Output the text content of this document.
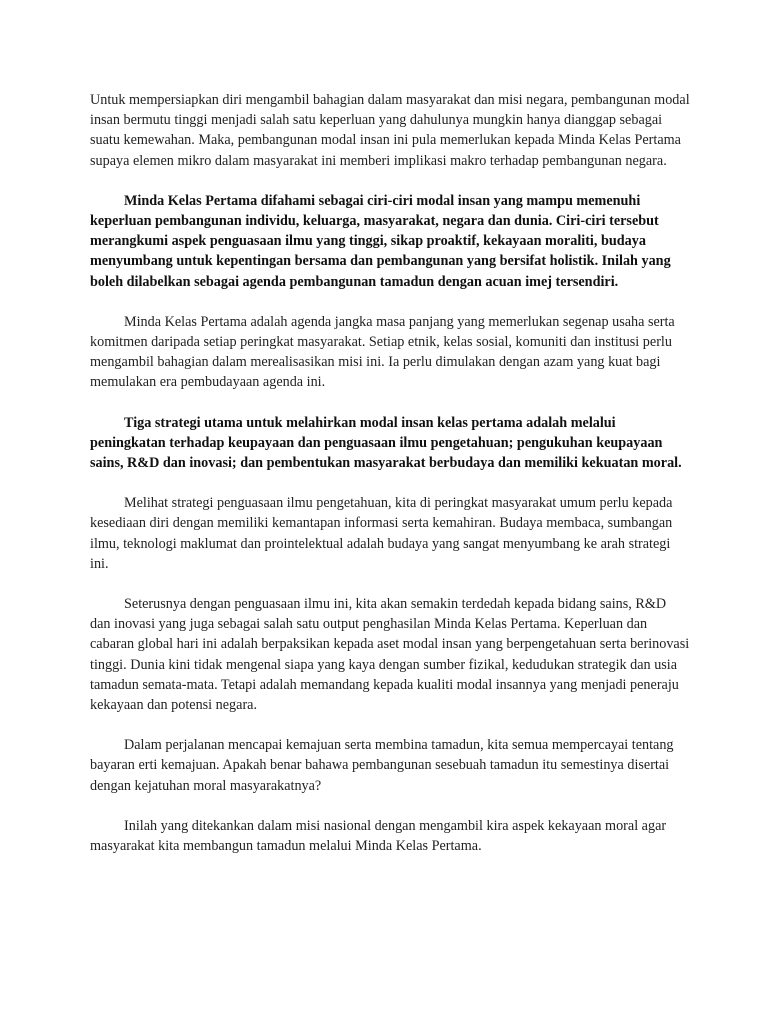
Untuk mempersiapkan diri mengambil bahagian dalam masyarakat dan misi negara, pembangunan modal insan bermutu tinggi menjadi salah satu keperluan yang dahulunya mungkin hanya dianggap sebagai suatu kemewahan. Maka, pembangunan modal insan ini pula memerlukan kepada Minda Kelas Pertama supaya elemen mikro dalam masyarakat ini memberi implikasi makro terhadap pembangunan negara.

Minda Kelas Pertama difahami sebagai ciri-ciri modal insan yang mampu memenuhi keperluan pembangunan individu, keluarga, masyarakat, negara dan dunia. Ciri-ciri tersebut merangkumi aspek penguasaan ilmu yang tinggi, sikap proaktif, kekayaan moraliti, budaya menyumbang untuk kepentingan bersama dan pembangunan yang bersifat holistik. Inilah yang boleh dilabelkan sebagai agenda pembangunan tamadun dengan acuan imej tersendiri.

Minda Kelas Pertama adalah agenda jangka masa panjang yang memerlukan segenap usaha serta komitmen daripada setiap peringkat masyarakat. Setiap etnik, kelas sosial, komuniti dan institusi perlu mengambil bahagian dalam merealisasikan misi ini. Ia perlu dimulakan dengan azam yang kuat bagi memulakan era pembudayaan agenda ini.

Tiga strategi utama untuk melahirkan modal insan kelas pertama adalah melalui peningkatan terhadap keupayaan dan penguasaan ilmu pengetahuan; pengukuhan keupayaan sains, R&D dan inovasi; dan pembentukan masyarakat berbudaya dan memiliki kekuatan moral.

Melihat strategi penguasaan ilmu pengetahuan, kita di peringkat masyarakat umum perlu kepada kesediaan diri dengan memiliki kemantapan informasi serta kemahiran. Budaya membaca, sumbangan ilmu, teknologi maklumat dan prointelektual adalah budaya yang sangat menyumbang ke arah strategi ini.

Seterusnya dengan penguasaan ilmu ini, kita akan semakin terdedah kepada bidang sains, R&D dan inovasi yang juga sebagai salah satu output penghasilan Minda Kelas Pertama. Keperluan dan cabaran global hari ini adalah berpaksikan kepada aset modal insan yang berpengetahuan serta berinovasi tinggi. Dunia kini tidak mengenal siapa yang kaya dengan sumber fizikal, kedudukan strategik dan usia tamadun semata-mata. Tetapi adalah memandang kepada kualiti modal insannya yang menjadi peneraju kekayaan dan potensi negara.

Dalam perjalanan mencapai kemajuan serta membina tamadun, kita semua mempercayai tentang bayaran erti kemajuan. Apakah benar bahawa pembangunan sesebuah tamadun itu semestinya disertai dengan kejatuhan moral masyarakatnya?

Inilah yang ditekankan dalam misi nasional dengan mengambil kira aspek kekayaan moral agar masyarakat kita membangun tamadun melalui Minda Kelas Pertama.
